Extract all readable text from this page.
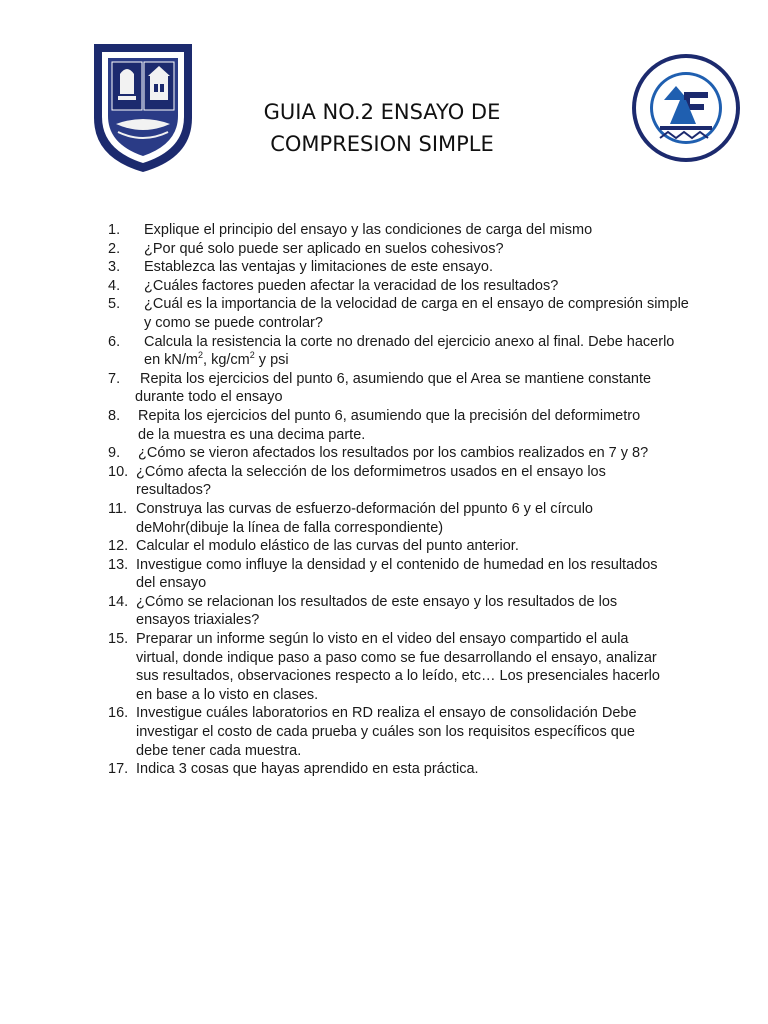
GUIA NO.2 ENSAYO DE
COMPRESION SIMPLE
1. Explique el principio del ensayo y las condiciones de carga del mismo
2. ¿Por qué solo puede ser aplicado en suelos cohesivos?
3. Establezca las ventajas y limitaciones de este ensayo.
4. ¿Cuáles factores pueden afectar la veracidad de los resultados?
5. ¿Cuál es la importancia de la velocidad de carga en el ensayo de compresión simple
y como se puede controlar?
6. Calcula la resistencia la corte no drenado del ejercicio anexo al final. Debe hacerlo
en $kN/m^2$, $kg/cm^2$ y psi
7.	Repita los ejercicios del punto 6, asumiendo que el Area se mantiene constante
durante todo el ensayo
8. Repita los ejercicios del punto 6, asumiendo que la precisión del deformimetro
de la muestra es una decima parte.
9. ¿Cómo se vieron afectados los resultados por los cambios realizados en 7 y 8?
10. ¿Cómo afecta la selección de los deformimetros usados en el ensayo los
resultados?
11. Construya las curvas de esfuerzo-deformación del ppunto 6 y el círculo
deMohr(dibuje la línea de falla correspondiente)
12. Calcular el modulo elástico de las curvas del punto anterior.
13. Investigue como influye la densidad y el contenido de humedad en los resultados
del ensayo
14. ¿Cómo se relacionan los resultados de este ensayo y los resultados de los
ensayos triaxiales?
15. Preparar un informe según lo visto en el video del ensayo compartido el aula
virtual, donde indique paso a paso como se fue desarrollando el ensayo, analizar
sus resultados, observaciones respecto a lo leído, etc… Los presenciales hacerlo
en base a lo visto en clases.
16. Investigue cuáles laboratorios en RD realiza el ensayo de consolidación Debe
investigar el costo de cada prueba y cuáles son los requisitos específicos que
debe tener cada muestra.
17. Indica 3 cosas que hayas aprendido en esta práctica.
